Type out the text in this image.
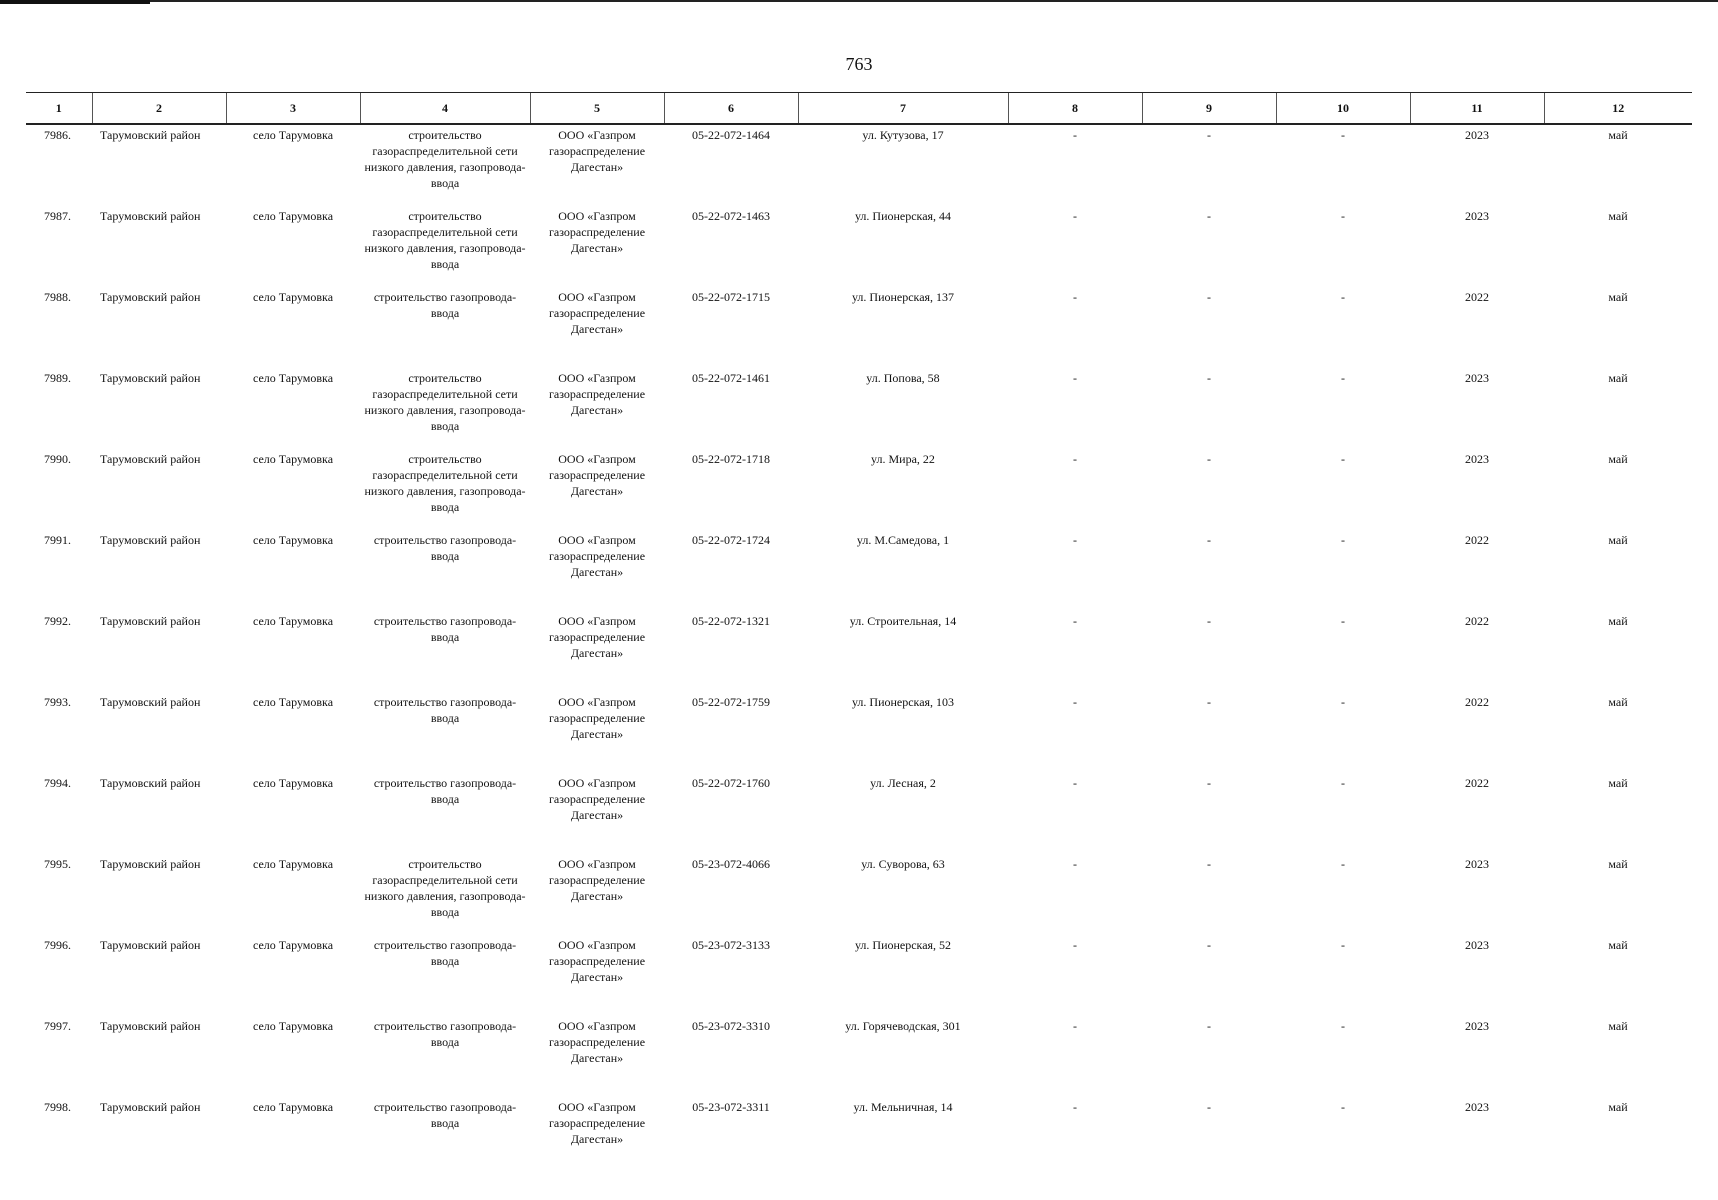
763
1	2	3	4	5	6	7	8	9	10	11	12
7986.	Тарумовский район	село Тарумовка	строительство газораспределительной сети низкого давления, газопровода-ввода	ООО «Газпром газораспределение Дагестан»	05-22-072-1464	ул. Кутузова, 17	-	-	-	2023	май
7987.	Тарумовский район	село Тарумовка	строительство газораспределительной сети низкого давления, газопровода-ввода	ООО «Газпром газораспределение Дагестан»	05-22-072-1463	ул. Пионерская, 44	-	-	-	2023	май
7988.	Тарумовский район	село Тарумовка	строительство газопровода-ввода	ООО «Газпром газораспределение Дагестан»	05-22-072-1715	ул. Пионерская, 137	-	-	-	2022	май
7989.	Тарумовский район	село Тарумовка	строительство газораспределительной сети низкого давления, газопровода-ввода	ООО «Газпром газораспределение Дагестан»	05-22-072-1461	ул. Попова, 58	-	-	-	2023	май
7990.	Тарумовский район	село Тарумовка	строительство газораспределительной сети низкого давления, газопровода-ввода	ООО «Газпром газораспределение Дагестан»	05-22-072-1718	ул. Мира, 22	-	-	-	2023	май
7991.	Тарумовский район	село Тарумовка	строительство газопровода-ввода	ООО «Газпром газораспределение Дагестан»	05-22-072-1724	ул. М.Самедова, 1	-	-	-	2022	май
7992.	Тарумовский район	село Тарумовка	строительство газопровода-ввода	ООО «Газпром газораспределение Дагестан»	05-22-072-1321	ул. Строительная, 14	-	-	-	2022	май
7993.	Тарумовский район	село Тарумовка	строительство газопровода-ввода	ООО «Газпром газораспределение Дагестан»	05-22-072-1759	ул. Пионерская, 103	-	-	-	2022	май
7994.	Тарумовский район	село Тарумовка	строительство газопровода-ввода	ООО «Газпром газораспределение Дагестан»	05-22-072-1760	ул. Лесная, 2	-	-	-	2022	май
7995.	Тарумовский район	село Тарумовка	строительство газораспределительной сети низкого давления, газопровода-ввода	ООО «Газпром газораспределение Дагестан»	05-23-072-4066	ул. Суворова, 63	-	-	-	2023	май
7996.	Тарумовский район	село Тарумовка	строительство газопровода-ввода	ООО «Газпром газораспределение Дагестан»	05-23-072-3133	ул. Пионерская, 52	-	-	-	2023	май
7997.	Тарумовский район	село Тарумовка	строительство газопровода-ввода	ООО «Газпром газораспределение Дагестан»	05-23-072-3310	ул. Горячеводская, 301	-	-	-	2023	май
7998.	Тарумовский район	село Тарумовка	строительство газопровода-ввода	ООО «Газпром газораспределение Дагестан»	05-23-072-3311	ул. Мельничная, 14	-	-	-	2023	май
